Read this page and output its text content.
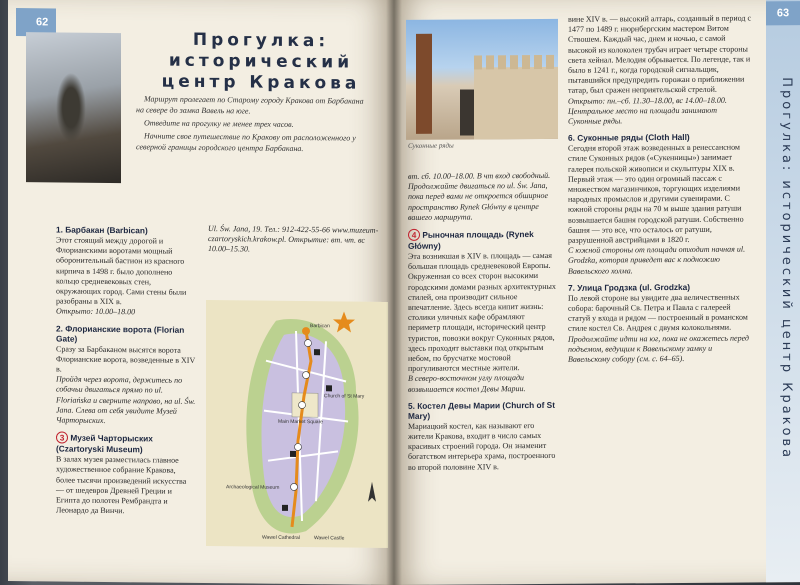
62
Прогулка: исторический центр Кракова

Маршрут пролегает по Старому городу Кракова от Барбакана на севере до замка Вавель на юге.

Отведите на прогулку не менее трех часов.

Начните свое путешествие по Кракову от расположенного у северной границы городского центра Барбакана.

1. Барбакан (Barbican)

Этот стоящий между дорогой и Флорианскими воротами мощный оборонительный бастион из красного кирпича в 1498 г. было дополнено кольцо средневековых стен, окружающих город. Сами стены были разобраны в XIX в.

Открыто: 10.00–18.00

2. Флорианские ворота (Florian Gate)

Сразу за Барбаканом высятся ворота Флорианские ворота, возведенные в XIV в.

Пройдя через ворота, держитесь по собачьи двигаться прямо по ul. Floriańska и сверните направо, на ul. Św. Jana. Слева от себя увидите Музей Чарторыских.

3 Музей Чарторыских (Czartoryski Museum)

В залах музея разместилась главное художественное собрание Кракова, более тысячи произведений искусства — от шедевров Древней Греции и Египта до полотен Рембрандта и Леонардо да Винчи.

Ul. Św. Jana, 19. Тел.: 912-422-55-66 www.muzeum-czartoryskich.krakow.pl. Открытие: вт. чт. вс 10.00–15.30.

Barbican
Church of St Mary
Main Market Square
Wawel Cathedral	Wawel Castle
Archaeological Museum
63
Прогулка: исторический центр Кракова
Суконные ряды

вт. сб. 10.00–18.00. В чт вход свободный.

Продолжайте двигаться по ul. Św. Jana, пока перед вами не откроется обширное пространство Rynek Główny в центре вашего маршрута.

4 Рыночная площадь (Rynek Główny)

Эта возникшая в XIV в. площадь — самая большая площадь средневековой Европы. Окруженная со всех сторон высокими городскими домами разных архитектурных стилей, она производит сильное впечатление. Здесь всегда кипит жизнь: столики уличных кафе обрамляют периметр площади, исторический центр туристов, повозки вокруг Суконных рядов, здесь проходят выставки под открытым небом, по брусчатке мостовой прогуливаются местные жители.

В северо-восточном углу площади возвышается костел Девы Марии.

5. Костел Девы Марии (Church of St Mary)

Мариацкий костел, как называют его жители Кракова, входит в число самых красивых строений города. Он знаменит богатством интерьера храма, построенного во второй половине XIV в.

вине XIV в. — высокий алтарь, созданный в период с 1477 по 1489 г. нюрнбергским мастером Витом Ствошем. Каждый час, днем и ночью, с самой высокой из колоколен трубач играет четыре стороны света хейнал. Мелодия обрывается. По легенде, так и было в 1241 г., когда городской сигнальщик, пытавшийся предупредить горожан о приближении татар, был сражен неприятельской стрелой.

Открыто: пн.–сб. 11.30–18.00, вс 14.00–18.00.

Центральное место на площади занимают Суконные ряды.

6. Суконные ряды (Cloth Hall)

Сегодня второй этаж возведенных в ренессансном стиле Суконных рядов («Сукенницы») занимает галерея польской живописи и скульптуры XIX в. Первый этаж — это один огромный пассаж с множеством магазинчиков, торгующих изделиями народных промыслов и другими сувенирами. С южной стороны ряды на 70 м выше здания ратуши возвышается башня городской ратуши. Собственно башня — это все, что осталось от ратуши, разрушенной австрийцами в 1820 г.

С южной стороны от площади отходит начная ul. Grodzka, которая приведет вас к подножию Вавельского холма.

7. Улица Гродзка (ul. Grodzka)

По левой стороне вы увидите два величественных собора: барочный Св. Петра и Павла с галереей статуй у входа и рядом — построенный в романском стиле костел Св. Андрея с двумя колокольнями.

Продолжайте идти на юг, пока не окажетесь перед подъемом, ведущим к Вавельскому замку и Вавельскому собору (см. с. 64–65).
